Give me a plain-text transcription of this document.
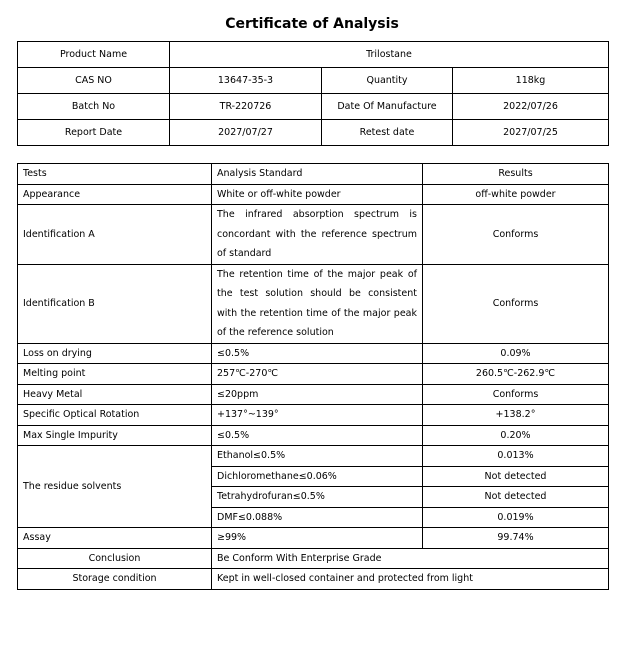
Certificate of Analysis
Product Name	Trilostane		
CAS NO	13647-35-3	Quantity	118kg
Batch No	TR-220726	Date Of Manufacture	2022/07/26
Report Date	2027/07/27	Retest date	2027/07/25
Tests	Analysis Standard	Results
Appearance	White or off-white powder	off-white powder
Identification A	The infrared absorption spectrum is concordant with the reference spectrum of standard	Conforms
Identification B	The retention time of the major peak of the test solution should be consistent with the retention time of the major peak of the reference solution	Conforms
Loss on drying	≤0.5%	0.09%
Melting point	257℃-270℃	260.5℃-262.9℃
Heavy Metal	≤20ppm	Conforms
Specific Optical Rotation	+137°~139°	+138.2°
Max Single Impurity	≤0.5%	0.20%
The residue solvents	Ethanol≤0.5%	0.013%
	Dichloromethane≤0.06%	Not detected
	Tetrahydrofuran≤0.5%	Not detected
	DMF≤0.088%	0.019%
Assay	≥99%	99.74%
Conclusion	Be Conform With Enterprise Grade	
Storage condition	Kept in well-closed container and protected from light	
